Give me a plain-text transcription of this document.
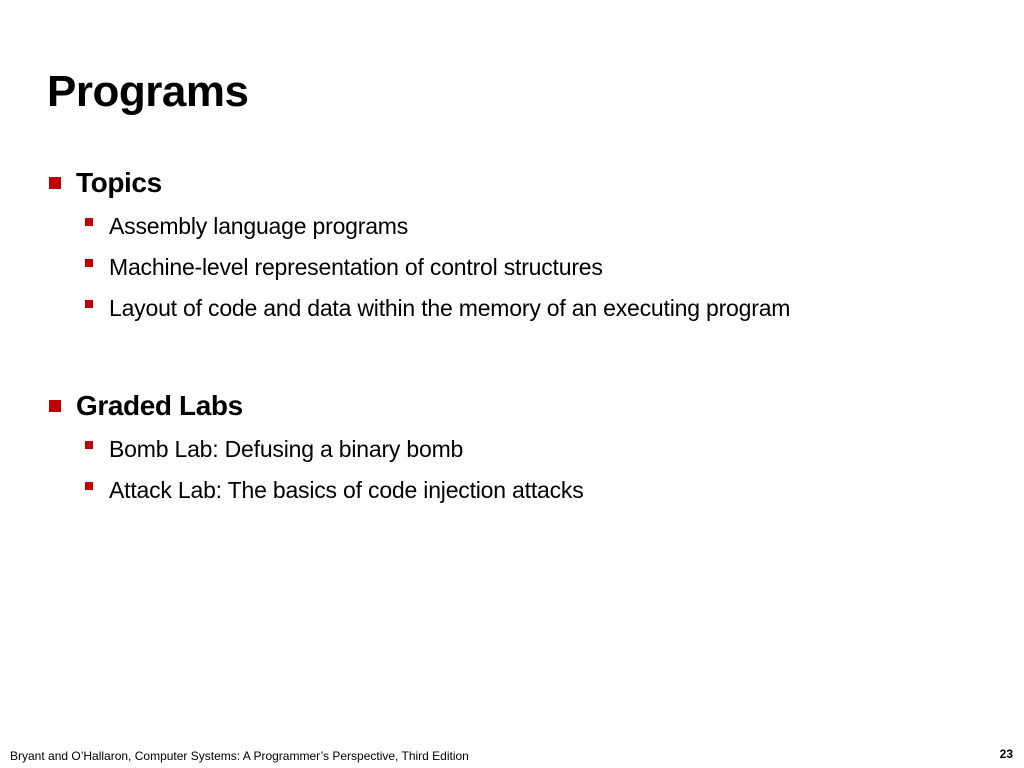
Programs
Topics
Assembly language programs
Machine-level representation of control structures
Layout of code and data within the memory of an executing program
Graded Labs
Bomb Lab: Defusing a binary bomb
Attack Lab: The basics of code injection attacks
Bryant and O’Hallaron, Computer Systems: A Programmer’s Perspective, Third Edition	23
